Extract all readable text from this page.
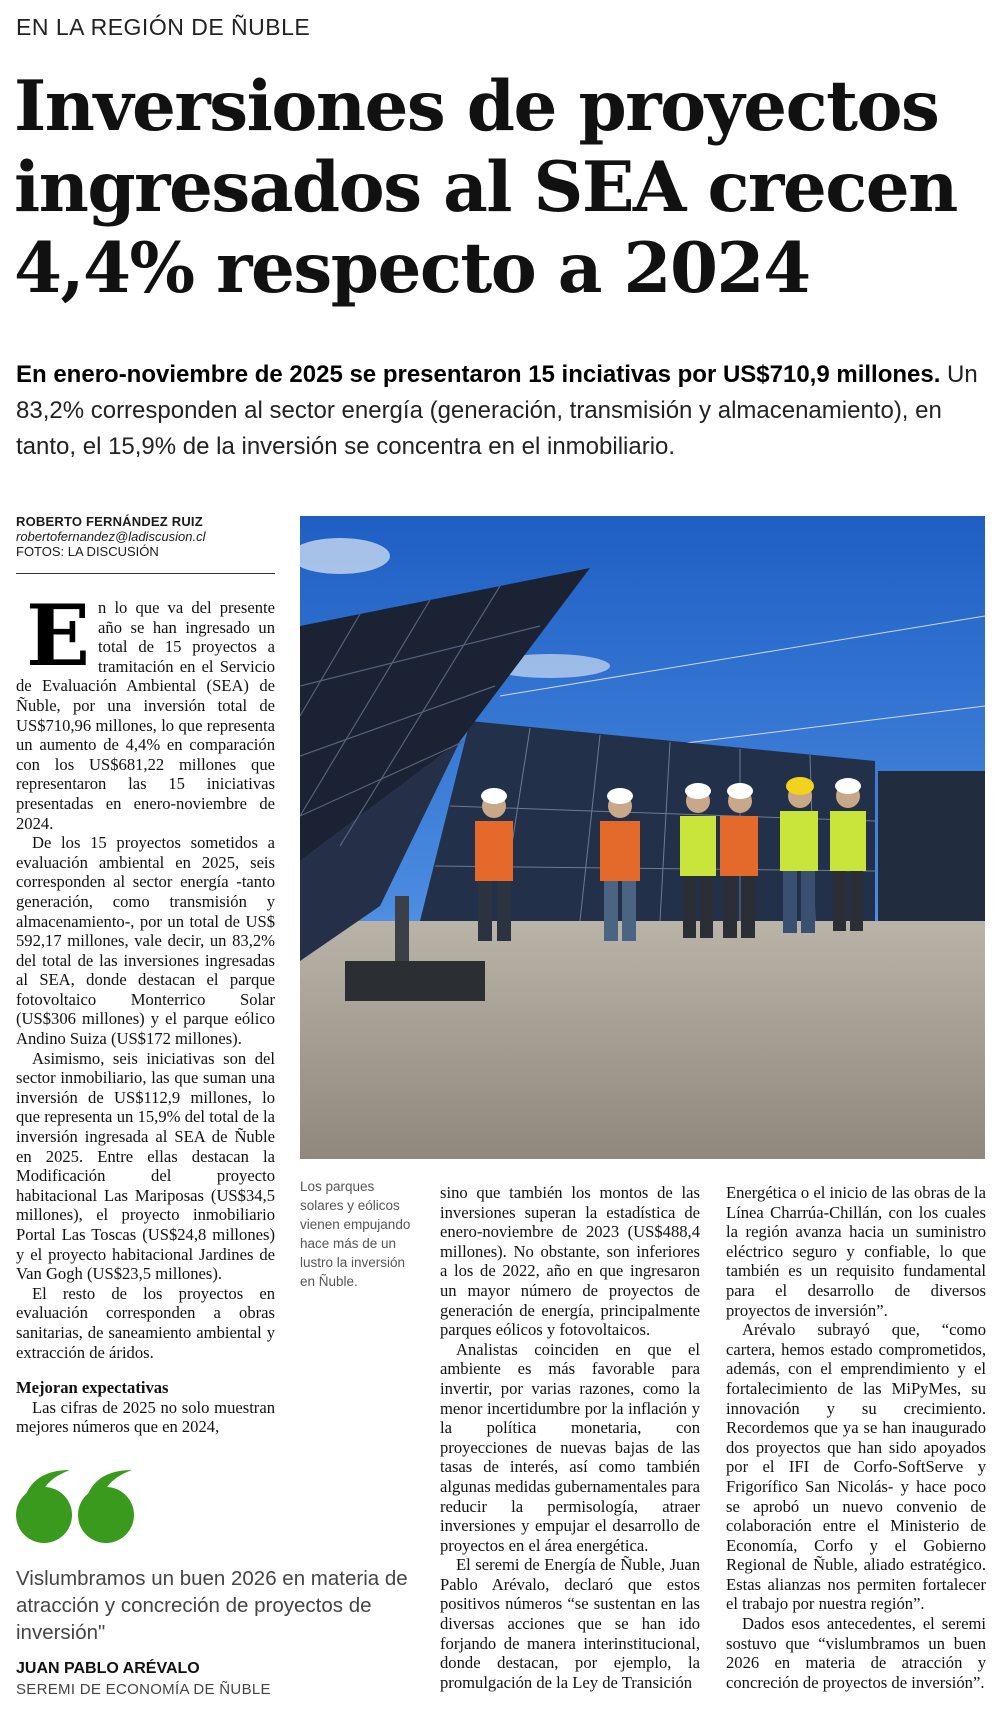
EN LA REGIÓN DE ÑUBLE
Inversiones de proyectos
ingresados al SEA crecen
4,4% respecto a 2024
En enero-noviembre de 2025 se presentaron 15 inciativas por US$710,9 millones. Un 83,2% corresponden al sector energía (generación, transmisión y almacenamiento), en tanto, el 15,9% de la inversión se concentra en el inmobiliario.
ROBERTO FERNÁNDEZ RUIZ
robertofernandez@ladiscusion.cl
FOTOS: LA DISCUSIÓN
E n lo que va del presente año se han ingresado un total de 15 proyectos a tramitación en el Servicio de Evaluación Ambiental (SEA) de Ñuble, por una inversión total de US$710,96 millones, lo que representa un aumento de 4,4% en comparación con los US$681,22 millones que representaron las 15 iniciativas presentadas en enero-noviembre de 2024.

De los 15 proyectos sometidos a evaluación ambiental en 2025, seis corresponden al sector energía -tanto generación, como transmisión y almacenamiento-, por un total de US$ 592,17 millones, vale decir, un 83,2% del total de las inversiones ingresadas al SEA, donde destacan el parque fotovoltaico Monterrico Solar (US$306 millones) y el parque eólico Andino Suiza (US$172 millones).

Asimismo, seis iniciativas son del sector inmobiliario, las que suman una inversión de US$112,9 millones, lo que representa un 15,9% del total de la inversión ingresada al SEA de Ñuble en 2025. Entre ellas destacan la Modificación del proyecto habitacional Las Mariposas (US$34,5 millones), el proyecto inmobiliario Portal Las Toscas (US$24,8 millones) y el proyecto habitacional Jardines de Van Gogh (US$23,5 millones).

El resto de los proyectos en evaluación corresponden a obras sanitarias, de saneamiento ambiental y extracción de áridos.

Mejoran expectativas

Las cifras de 2025 no solo muestran mejores números que en 2024,

Los parques solares y eólicos vienen empujando hace más de un lustro la inversión en Ñuble.

sino que también los montos de las inversiones superan la estadística de enero-noviembre de 2023 (US$488,4 millones). No obstante, son inferiores a los de 2022, año en que ingresaron un mayor número de proyectos de generación de energía, principalmente parques eólicos y fotovoltaicos.

Analistas coinciden en que el ambiente es más favorable para invertir, por varias razones, como la menor incertidumbre por la inflación y la política monetaria, con proyecciones de nuevas bajas de las tasas de interés, así como también algunas medidas gubernamentales para reducir la permisología, atraer inversiones y empujar el desarrollo de proyectos en el área energética.

El seremi de Energía de Ñuble, Juan Pablo Arévalo, declaró que estos positivos números “se sustentan en las diversas acciones que se han ido forjando de manera interinstitucional, donde destacan, por ejemplo, la promulgación de la Ley de Transición

Energética o el inicio de las obras de la Línea Charrúa-Chillán, con los cuales la región avanza hacia un suministro eléctrico seguro y confiable, lo que también es un requisito fundamental para el desarrollo de diversos proyectos de inversión”.

Arévalo subrayó que, “como cartera, hemos estado comprometidos, además, con el emprendimiento y el fortalecimiento de las MiPyMes, su innovación y su crecimiento. Recordemos que ya se han inaugurado dos proyectos que han sido apoyados por el IFI de Corfo-SoftServe y Frigorífico San Nicolás- y hace poco se aprobó un nuevo convenio de colaboración entre el Ministerio de Economía, Corfo y el Gobierno Regional de Ñuble, aliado estratégico. Estas alianzas nos permiten fortalecer el trabajo por nuestra región”.

Dados esos antecedentes, el seremi sostuvo que “vislumbramos un buen 2026 en materia de atracción y concreción de proyectos de inversión”.

Vislumbramos un buen 2026 en materia de atracción y concreción de proyectos de inversión"
JUAN PABLO ARÉVALO
SEREMI DE ECONOMÍA DE ÑUBLE
